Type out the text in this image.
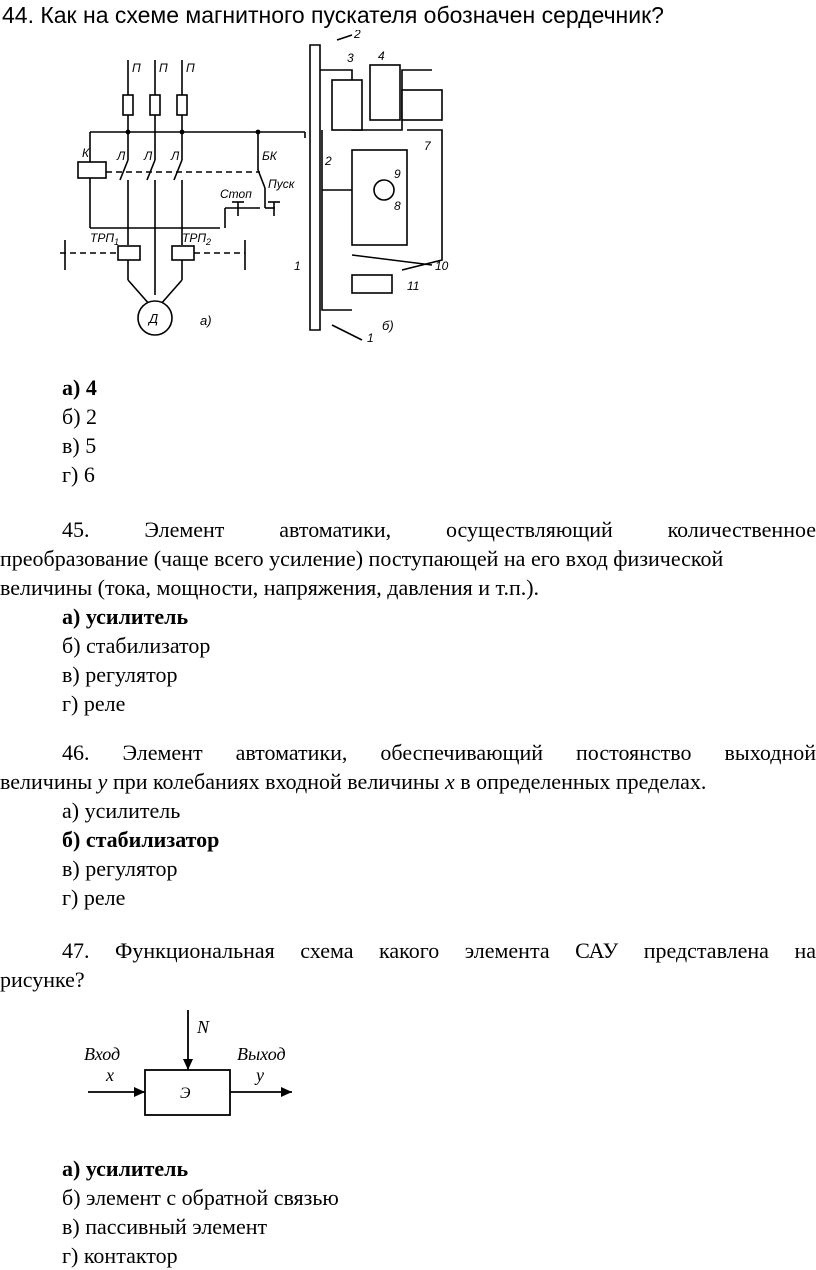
44. Как на схеме магнитного пускателя обозначен сердечник?
П П П
Л Л Л
К	БК
Стоп
Пуск
$ТРП_1$	$ТРП_2$
Д	а)
1
2
3 4
7
8
9
10
11
2
1
б)
а) 4
б) 2
в) 5
г) 6
45. Элемент автоматики, осуществляющий количественное
преобразование (чаще всего усиление) поступающей на его вход физической
величины (тока, мощности, напряжения, давления и т.п.).
а) усилитель
б) стабилизатор
в) регулятор
г) реле
46. Элемент автоматики, обеспечивающий постоянство выходной
величины y при колебаниях входной величины x в определенных пределах.
а) усилитель
б) стабилизатор
в) регулятор
г) реле
47. Функциональная схема какого элемента САУ представлена на
рисунке?
Вход
x
Выход
y
N
Э
а) усилитель
б) элемент с обратной связью
в) пассивный элемент
г) контактор
